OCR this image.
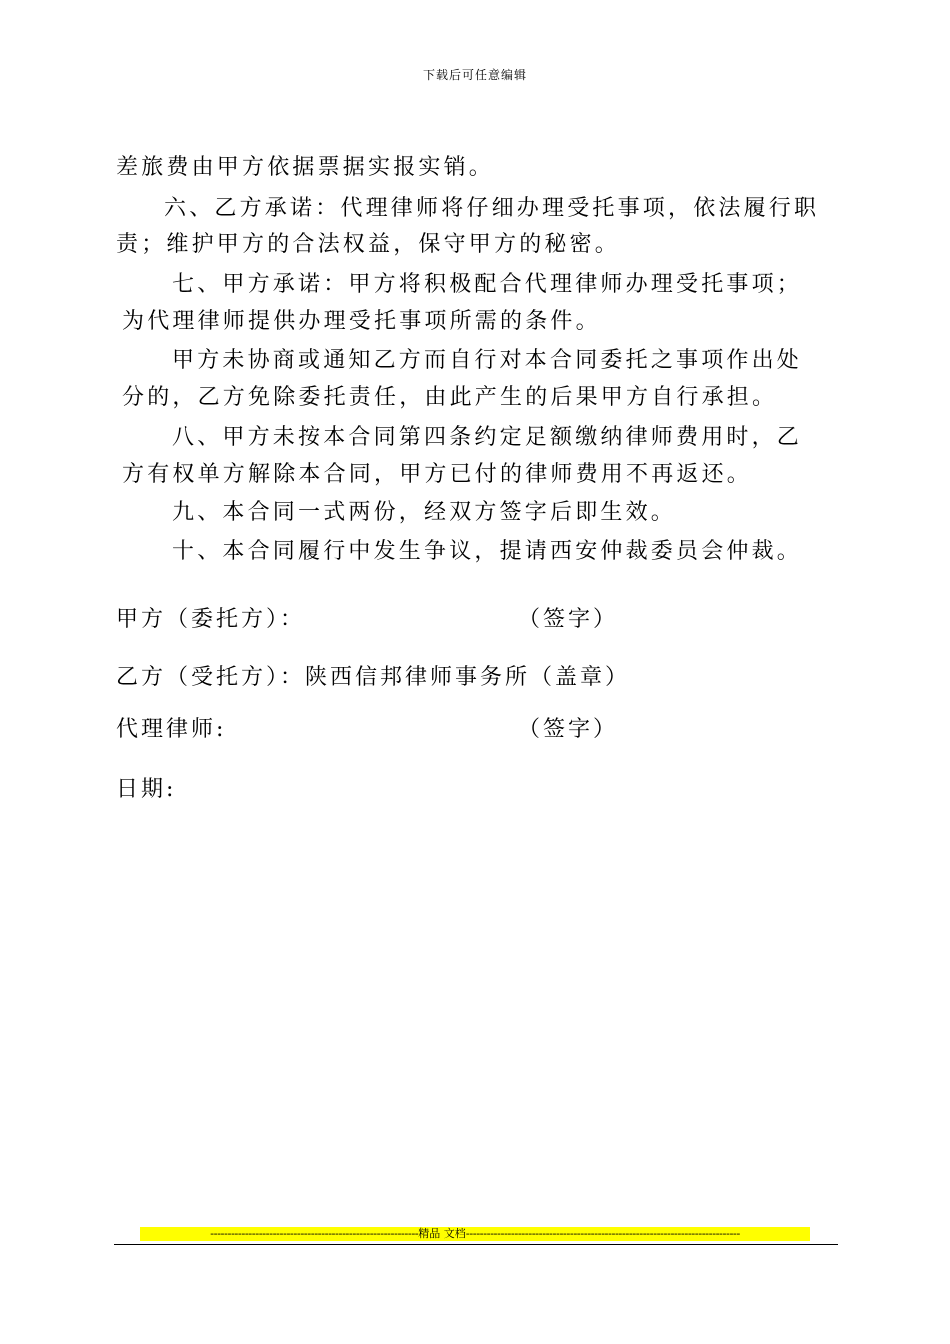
下载后可任意编辑
差旅费由甲方依据票据实报实销。
六、乙方承诺：代理律师将仔细办理受托事项，依法履行职
责；维护甲方的合法权益，保守甲方的秘密。
七、甲方承诺：甲方将积极配合代理律师办理受托事项；
为代理律师提供办理受托事项所需的条件。
甲方未协商或通知乙方而自行对本合同委托之事项作出处
分的，乙方免除委托责任，由此产生的后果甲方自行承担。
八、甲方未按本合同第四条约定足额缴纳律师费用时，乙
方有权单方解除本合同，甲方已付的律师费用不再返还。
九、本合同一式两份，经双方签字后即生效。
十、本合同履行中发生争议，提请西安仲裁委员会仲裁。
甲方（委托方）：	（签字）
乙方（受托方）：陕西信邦律师事务所（盖章）
代理律师:	（签字）
日期:
------------------------------------------------------------精品 文档-------------------------------------------------------------------------------
